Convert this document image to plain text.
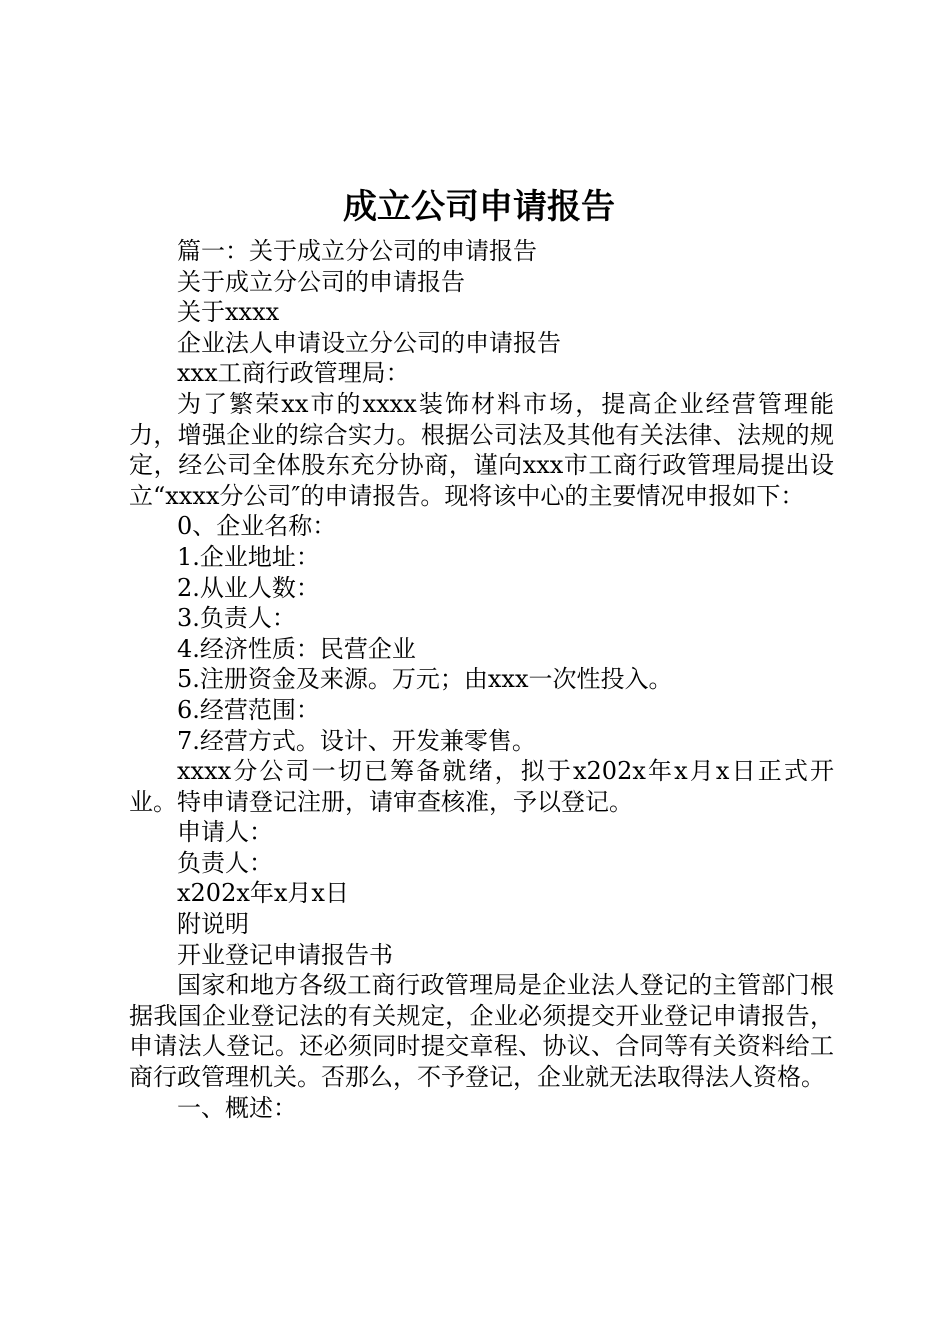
成立公司申请报告

篇一：关于成立分公司的申请报告

关于成立分公司的申请报告

关于xxxx

企业法人申请设立分公司的申请报告

xxx工商行政管理局：

为了繁荣xx市的xxxx装饰材料市场，提高企业经营管理能力，增强企业的综合实力。根据公司法及其他有关法律、法规的规定，经公司全体股东充分协商，谨向xxx市工商行政管理局提出设立“xxxx分公司″的申请报告。现将该中心的主要情况申报如下：

0、企业名称：

1.企业地址：

2.从业人数：

3.负责人：

4.经济性质：民营企业

5.注册资金及来源。万元；由xxx一次性投入。

6.经营范围：

7.经营方式。设计、开发兼零售。

xxxx分公司一切已筹备就绪，拟于x202x年x月x日正式开业。特申请登记注册，请审查核准，予以登记。

申请人：

负责人：

x202x年x月x日

附说明

开业登记申请报告书

国家和地方各级工商行政管理局是企业法人登记的主管部门根据我国企业登记法的有关规定，企业必须提交开业登记申请报告，申请法人登记。还必须同时提交章程、协议、合同等有关资料给工商行政管理机关。否那么，不予登记，企业就无法取得法人资格。

一、概述：
